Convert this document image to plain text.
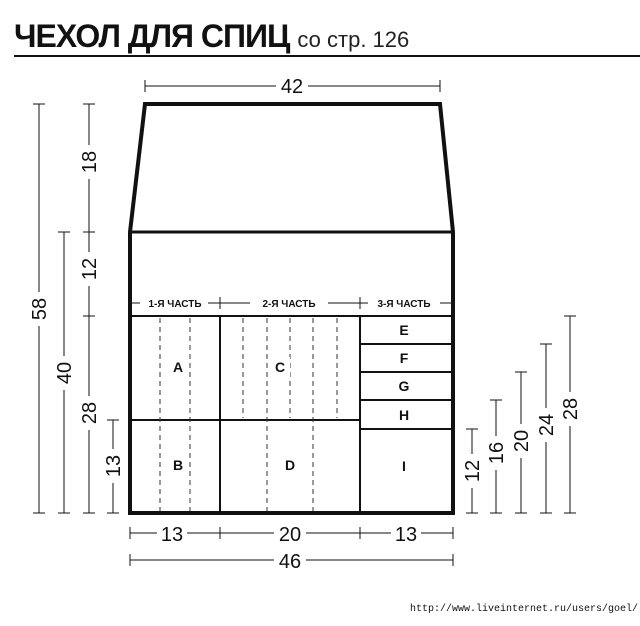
ЧЕХОЛ ДЛЯ СПИЦ со стр. 126
1-Я ЧАСТЬ	2-Я ЧАСТЬ	3-Я ЧАСТЬ
A
B
C
D
E
F
G
H
I
42
13	20	13
46
58
40
18
12
28
13	12
16
20
24
28
http://www.liveinternet.ru/users/goel/
